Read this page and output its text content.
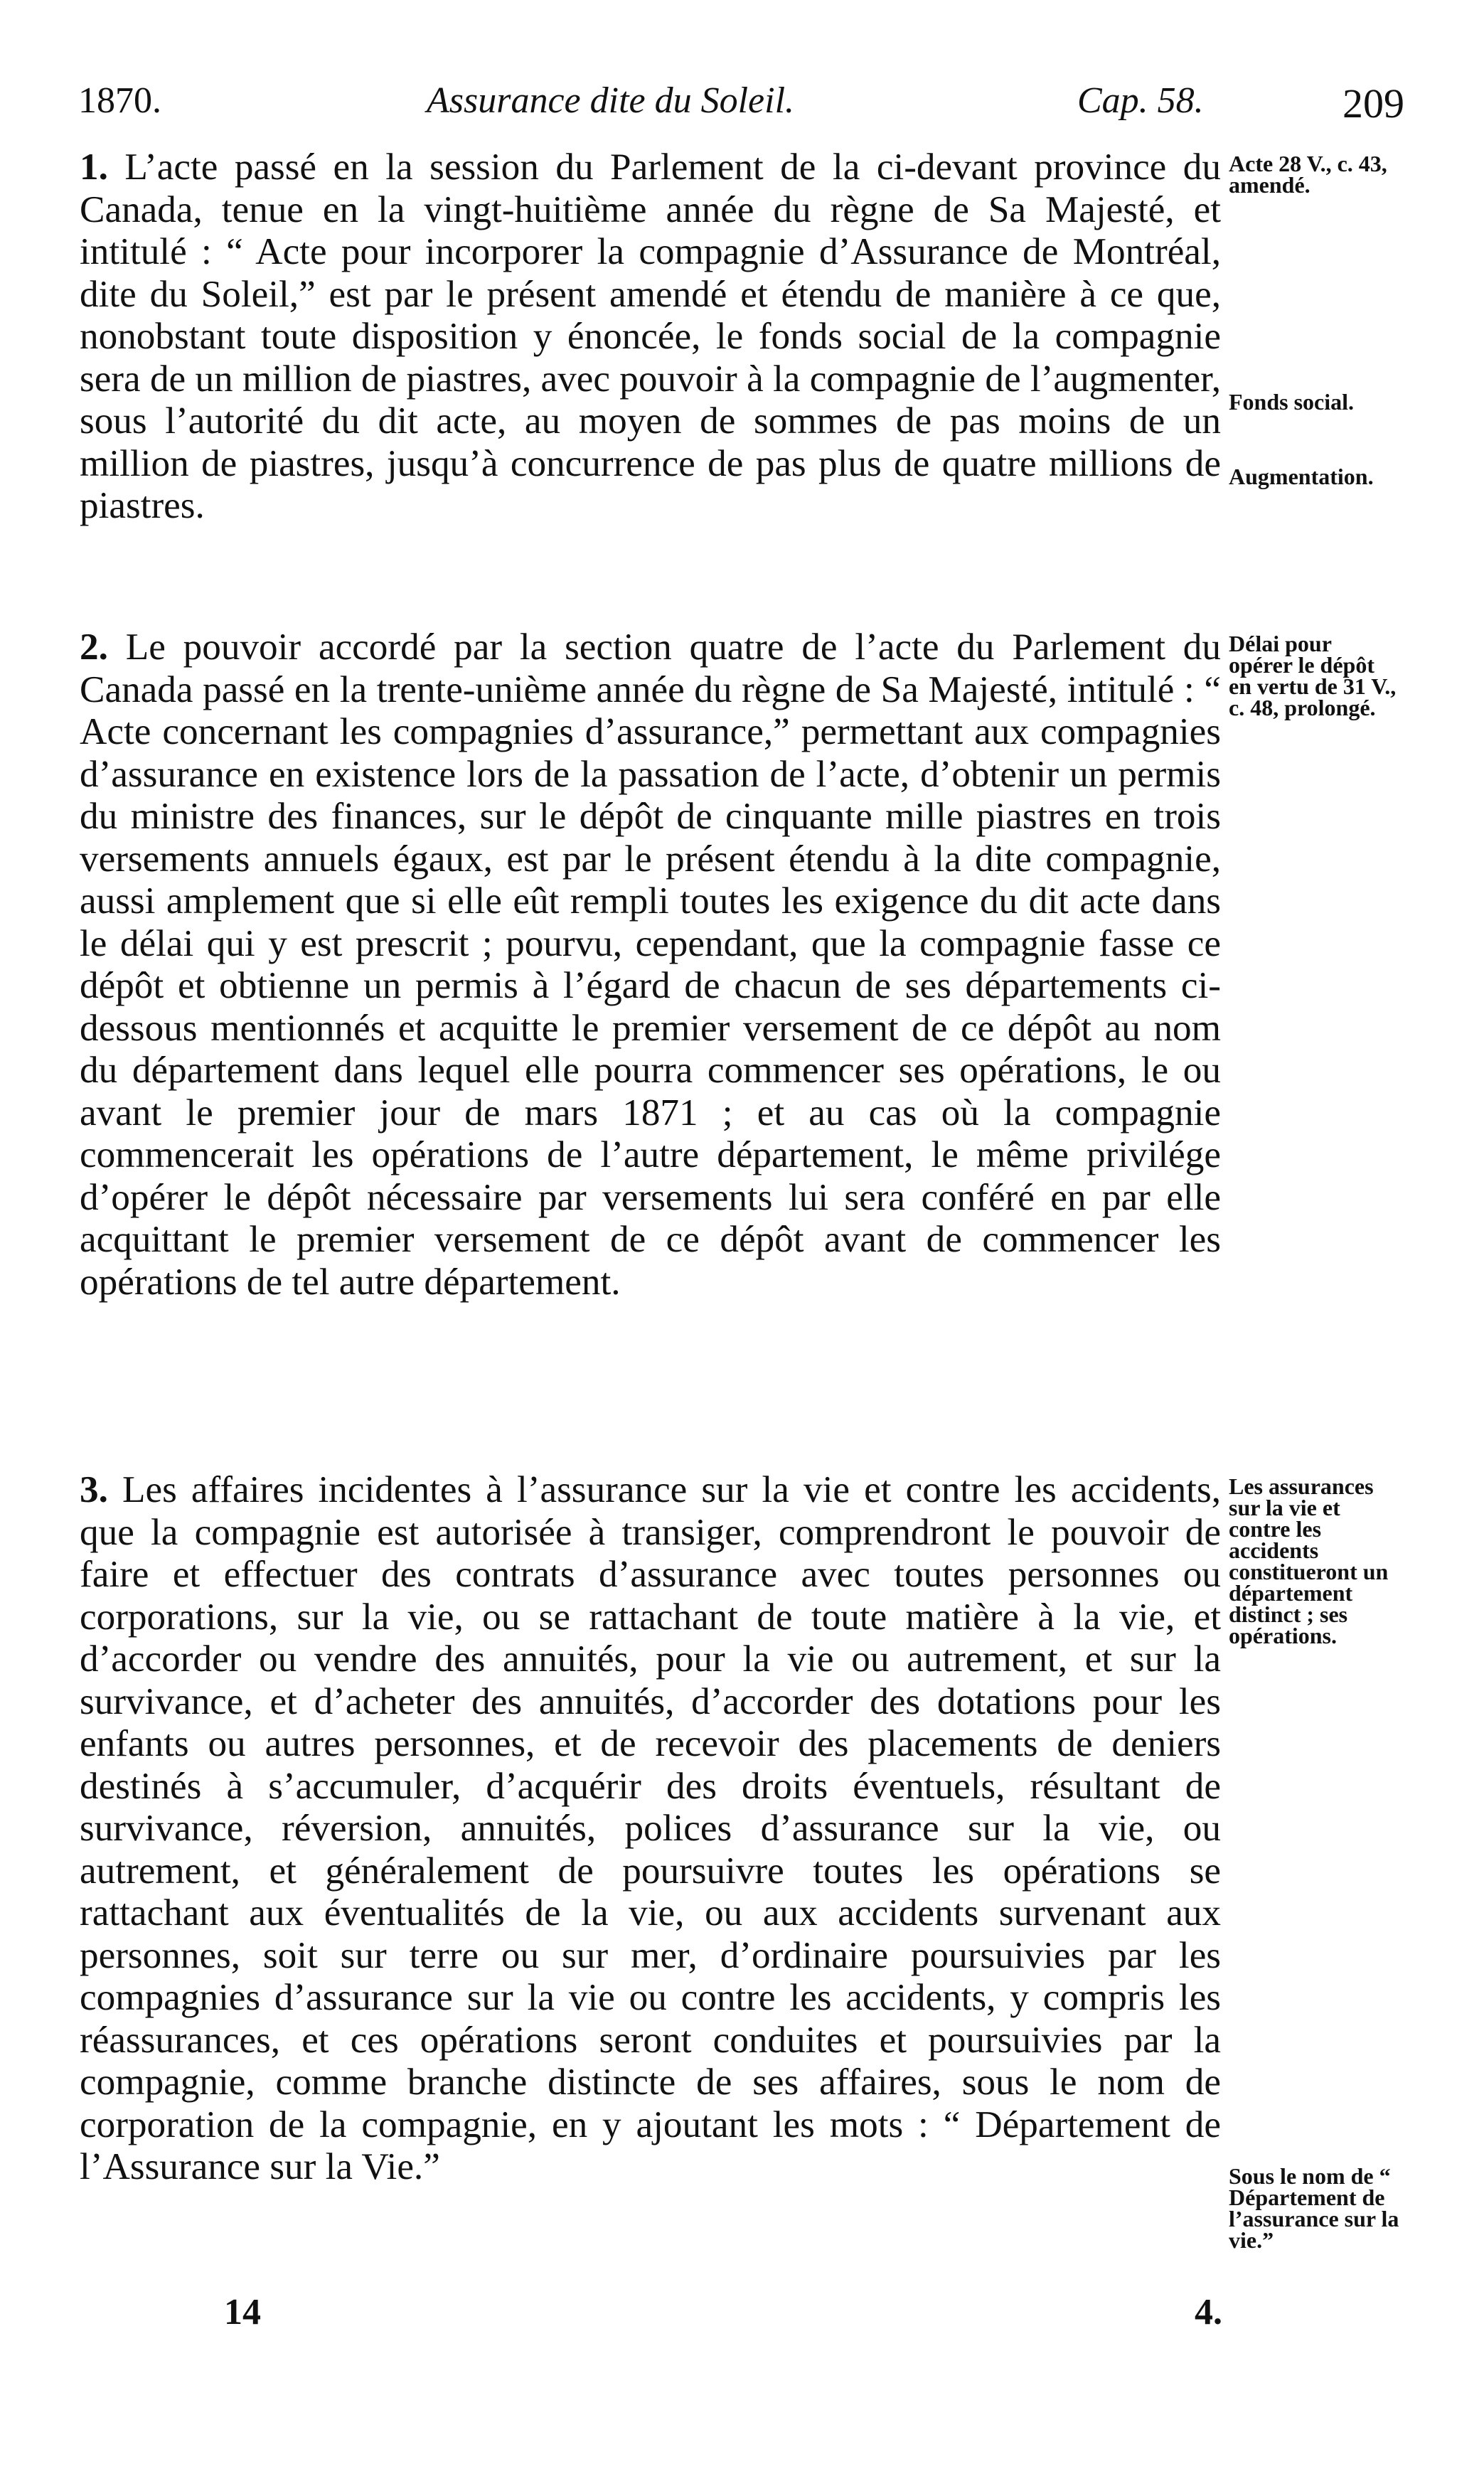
1870.	Assurance dite du Soleil.	Cap. 58.	209
1. L’acte passé en la session du Parlement de la ci-devant province du Canada, tenue en la vingt-huitième année du règne de Sa Majesté, et intitulé : “ Acte pour incorporer la compagnie d’Assurance de Montréal, dite du Soleil,” est par le présent amendé et étendu de manière à ce que, nonobstant toute disposition y énoncée, le fonds social de la compagnie sera de un million de piastres, avec pouvoir à la compagnie de l’augmenter, sous l’autorité du dit acte, au moyen de sommes de pas moins de un million de piastres, jusqu’à concurrence de pas plus de quatre millions de piastres.
2. Le pouvoir accordé par la section quatre de l’acte du Parlement du Canada passé en la trente-unième année du règne de Sa Majesté, intitulé : “ Acte concernant les compagnies d’assurance,” permettant aux compagnies d’assurance en existence lors de la passation de l’acte, d’obtenir un permis du ministre des finances, sur le dépôt de cinquante mille piastres en trois versements annuels égaux, est par le présent étendu à la dite compagnie, aussi amplement que si elle eût rempli toutes les exigence du dit acte dans le délai qui y est prescrit ; pourvu, cependant, que la compagnie fasse ce dépôt et obtienne un permis à l’égard de chacun de ses départements ci-dessous mentionnés et acquitte le premier versement de ce dépôt au nom du département dans lequel elle pourra commencer ses opérations, le ou avant le premier jour de mars 1871 ; et au cas où la compagnie commencerait les opérations de l’autre département, le même privilége d’opérer le dépôt nécessaire par versements lui sera conféré en par elle acquittant le premier versement de ce dépôt avant de commencer les opérations de tel autre département.
3. Les affaires incidentes à l’assurance sur la vie et contre les accidents, que la compagnie est autorisée à transiger, comprendront le pouvoir de faire et effectuer des contrats d’assurance avec toutes personnes ou corporations, sur la vie, ou se rattachant de toute matière à la vie, et d’accorder ou vendre des annuités, pour la vie ou autrement, et sur la survivance, et d’acheter des annuités, d’accorder des dotations pour les enfants ou autres personnes, et de recevoir des placements de deniers destinés à s’accumuler, d’acquérir des droits éventuels, résultant de survivance, réversion, annuités, polices d’assurance sur la vie, ou autrement, et généralement de poursuivre toutes les opérations se rattachant aux éventualités de la vie, ou aux accidents survenant aux personnes, soit sur terre ou sur mer, d’ordinaire poursuivies par les compagnies d’assurance sur la vie ou contre les accidents, y compris les réassurances, et ces opérations seront conduites et poursuivies par la compagnie, comme branche distincte de ses affaires, sous le nom de corporation de la compagnie, en y ajoutant les mots : “ Département de l’Assurance sur la Vie.”
Acte 28 V., c. 43, amendé.
Fonds social.
Augmentation.
Délai pour opérer le dépôt en vertu de 31 V., c. 48, prolongé.
Les assurances sur la vie et contre les accidents constitueront un département distinct ; ses opérations.
Sous le nom de “ Département de l’assurance sur la vie.”
14	4.
